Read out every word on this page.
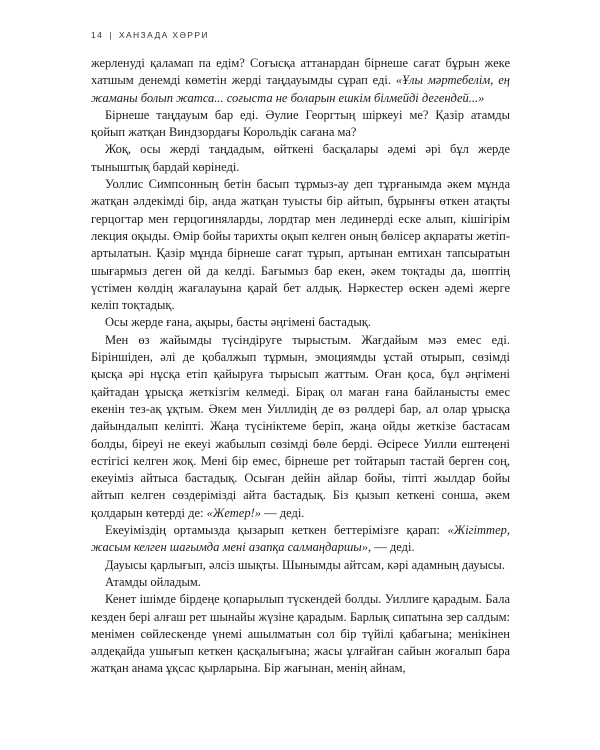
14 | ХАНЗАДА ХӘРРИ

жерленуді қаламап па едім? Соғысқа аттанардан бірнеше сағат бұрын жеке хатшым денемді көметін жерді таңдауымды сұрап еді. «Ұлы мәртебелім, ең жаманы болып жатса... соғыста не боларын ешкім білмейді дегендей...»

Бірнеше таңдауым бар еді. Әулие Георгтың шіркеуі ме? Қазір атамды қойып жатқан Виндзордағы Корольдік сағана ма?

Жоқ, осы жерді таңдадым, өйткені басқалары әдемі әрі бұл жерде тыныштық бардай көрінеді.

Уоллис Симпсонның бетін басып тұрмыз-ау деп тұрғанымда әкем мұнда жатқан әлдекімді бір, анда жатқан туысты бір айтып, бұрынғы өткен атақты герцогтар мен герцогиняларды, лордтар мен лединерді еске алып, кішігірім лекция оқыды. Өмір бойы тарихты оқып келген оның бөлісер ақпараты жетіп-артылатын. Қазір мұнда бірнеше сағат тұрып, артынан емтихан тапсыратын шығармыз деген ой да келді. Бағымыз бар екен, әкем тоқтады да, шөптің үстімен көлдің жағалауына қарай бет алдық. Нәркестер өскен әдемі жерге келіп тоқтадық.

Осы жерде ғана, ақыры, басты әңгімені бастадық.

Мен өз жайымды түсіндіруге тырыстым. Жағдайым мәз емес еді. Біріншіден, әлі де қобалжып тұрмын, эмоциямды ұстай отырып, сөзімді қысқа әрі нұсқа етіп қайыруға тырысып жаттым. Оған қоса, бұл әңгімені қайтадан ұрысқа жеткізгім келмеді. Бірақ ол маған ғана байланысты емес екенін тез-ақ ұқтым. Әкем мен Уиллидің де өз рөлдері бар, ал олар ұрысқа дайындалып келіпті. Жаңа түсініктеме беріп, жаңа ойды жеткізе бастасам болды, біреуі не екеуі жабылып сөзімді бөле берді. Әсіресе Уилли ештеңені естігісі келген жоқ. Мені бір емес, бірнеше рет тойтарып тастай берген соң, екеуіміз айтыса бастадық. Осыған дейін айлар бойы, тіпті жылдар бойы айтып келген сөздерімізді айта бастадық. Біз қызып кеткені соншa, әкем қолдарын көтерді де: «Жетер!» — деді.

Екеуіміздің ортамызда қызарып кеткен беттерімізге қарап: «Жігіттер, жасым келген шағымда мені азапқа салмаңдаршы», — деді.

Дауысы қарлығып, әлсіз шықты. Шынымды айтсам, кәрі адамның дауысы.

Атамды ойладым.

Кенет ішімде бірдеңе қопарылып түскендей болды. Уиллиге қарадым. Бала кезден бері алғаш рет шынайы жүзіне қарадым. Барлық сипатына зер салдым: менімен сөйлескенде үнемі ашылматын сол бір түйілі қабағына; менікінен әлдеқайда ушығып кеткен қасқалығына; жасы ұлғайған сайын жоғалып бара жатқан анама ұқсас қырларына. Бір жағынан, менің айнам,
